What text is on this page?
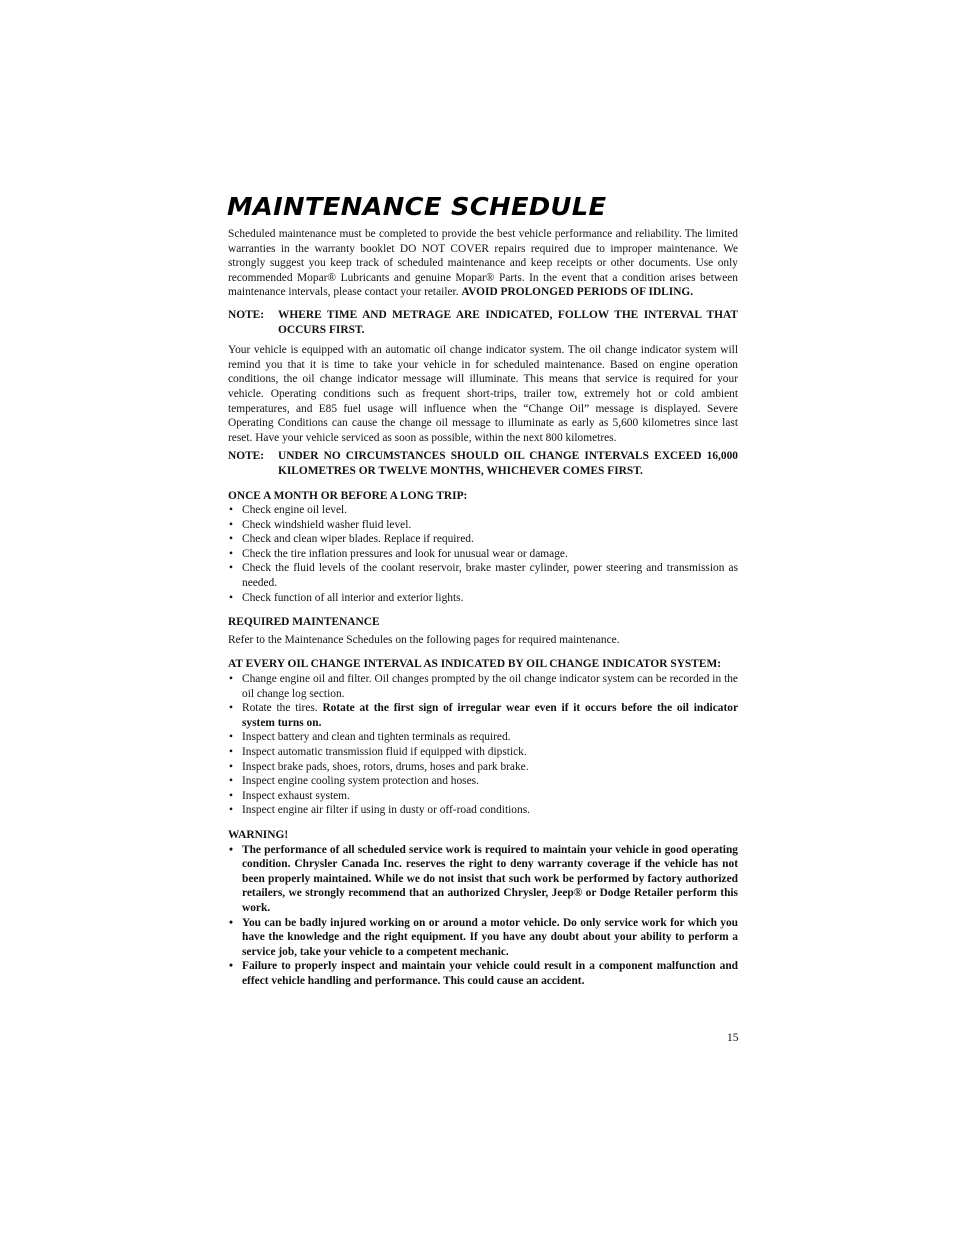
MAINTENANCE SCHEDULE

Scheduled maintenance must be completed to provide the best vehicle performance and reliability. The limited warranties in the warranty booklet DO NOT COVER repairs required due to improper maintenance. We strongly suggest you keep track of scheduled maintenance and keep receipts or other documents. Use only recommended Mopar® Lubricants and genuine Mopar® Parts. In the event that a condition arises between maintenance intervals, please contact your retailer. AVOID PROLONGED PERIODS OF IDLING.

NOTE:	WHERE TIME AND METRAGE ARE INDICATED, FOLLOW THE INTERVAL THAT OCCURS FIRST.

Your vehicle is equipped with an automatic oil change indicator system. The oil change indicator system will remind you that it is time to take your vehicle in for scheduled maintenance. Based on engine operation conditions, the oil change indicator message will illuminate. This means that service is required for your vehicle. Operating conditions such as frequent short-trips, trailer tow, extremely hot or cold ambient temperatures, and E85 fuel usage will influence when the “Change Oil” message is displayed. Severe Operating Conditions can cause the change oil message to illuminate as early as 5,600 kilometres since last reset. Have your vehicle serviced as soon as possible, within the next 800 kilometres.

NOTE:	UNDER NO CIRCUMSTANCES SHOULD OIL CHANGE INTERVALS EXCEED 16,000 KILOMETRES OR TWELVE MONTHS, WHICHEVER COMES FIRST.
ONCE A MONTH OR BEFORE A LONG TRIP:
• Check engine oil level.
• Check windshield washer fluid level.
• Check and clean wiper blades. Replace if required.
• Check the tire inflation pressures and look for unusual wear or damage.
• Check the fluid levels of the coolant reservoir, brake master cylinder, power steering and transmission as needed.
• Check function of all interior and exterior lights.
REQUIRED MAINTENANCE

Refer to the Maintenance Schedules on the following pages for required maintenance.

AT EVERY OIL CHANGE INTERVAL AS INDICATED BY OIL CHANGE INDICATOR SYSTEM:
• Change engine oil and filter. Oil changes prompted by the oil change indicator system can be recorded in the oil change log section.
• Rotate the tires. Rotate at the first sign of irregular wear even if it occurs before the oil indicator system turns on.
• Inspect battery and clean and tighten terminals as required.
• Inspect automatic transmission fluid if equipped with dipstick.
• Inspect brake pads, shoes, rotors, drums, hoses and park brake.
• Inspect engine cooling system protection and hoses.
• Inspect exhaust system.
• Inspect engine air filter if using in dusty or off-road conditions.
WARNING!
• The performance of all scheduled service work is required to maintain your vehicle in good operating condition. Chrysler Canada Inc. reserves the right to deny warranty coverage if the vehicle has not been properly maintained. While we do not insist that such work be performed by factory authorized retailers, we strongly recommend that an authorized Chrysler, Jeep® or Dodge Retailer perform this work.
• You can be badly injured working on or around a motor vehicle. Do only service work for which you have the knowledge and the right equipment. If you have any doubt about your ability to perform a service job, take your vehicle to a competent mechanic.
• Failure to properly inspect and maintain your vehicle could result in a component malfunction and effect vehicle handling and performance. This could cause an accident.
15
